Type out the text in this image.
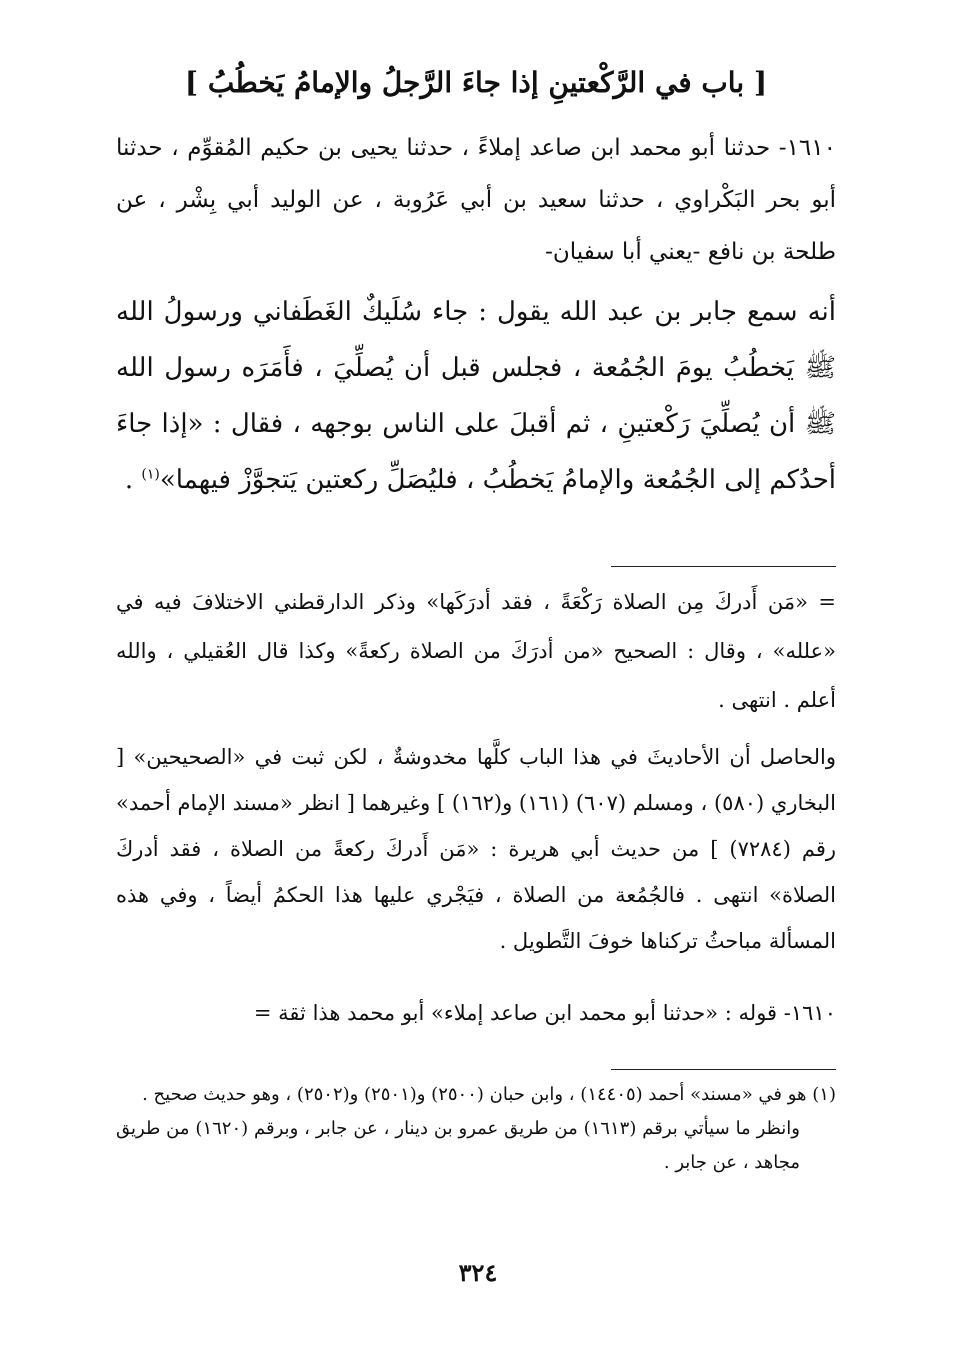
[ باب في الرَّكْعتينِ إذا جاءَ الرَّجلُ والإمامُ يَخطُبُ ]
١٦١٠- حدثنا أبو محمد ابن صاعد إملاءً ، حدثنا يحيى بن حكيم المُقوِّم ، حدثنا أبو بحر البَكْراوي ، حدثنا سعيد بن أبي عَرُوبة ، عن الوليد أبي بِشْر ، عن طلحة بن نافع -يعني أبا سفيان-
أنه سمع جابر بن عبد الله يقول : جاء سُلَيكٌ الغَطَفاني ورسولُ الله ﷺ يَخطُبُ يومَ الجُمُعة ، فجلس قبل أن يُصلِّيَ ، فأَمَرَه رسول الله ﷺ أن يُصلِّيَ رَكْعتينِ ، ثم أقبلَ على الناس بوجهه ، فقال : «إذا جاءَ أحدُكم إلى الجُمُعة والإمامُ يَخطُبُ ، فليُصَلِّ ركعتين يَتجوَّزْ فيهما»$^{(١)}$ .
= «مَن أَدركَ مِن الصلاة رَكْعَةً ، فقد أدرَكَها» وذكر الدارقطني الاختلافَ فيه في «علله» ، وقال : الصحيح «من أدرَكَ من الصلاة ركعةً» وكذا قال العُقيلي ، والله أعلم . انتهى .
والحاصل أن الأحاديثَ في هذا الباب كلَّها مخدوشةٌ ، لكن ثبت في «الصحيحين» [ البخاري (٥٨٠) ، ومسلم (٦٠٧) (١٦١) و(١٦٢) ] وغيرهما [ انظر «مسند الإمام أحمد» رقم (٧٢٨٤) ] من حديث أبي هريرة : «مَن أَدركَ ركعةً من الصلاة ، فقد أدركَ الصلاة» انتهى . فالجُمُعة من الصلاة ، فيَجْري عليها هذا الحكمُ أيضاً ، وفي هذه المسألة مباحثُ تركناها خوفَ التَّطويل .
١٦١٠- قوله : «حدثنا أبو محمد ابن صاعد إملاء» أبو محمد هذا ثقة =

(١) هو في «مسند» أحمد (١٤٤٠٥) ، وابن حبان (٢٥٠٠) و(٢٥٠١) و(٢٥٠٢) ، وهو حديث صحيح .

وانظر ما سيأتي برقم (١٦١٣) من طريق عمرو بن دينار ، عن جابر ، وبرقم (١٦٢٠) من طريق مجاهد ، عن جابر .

٣٢٤
